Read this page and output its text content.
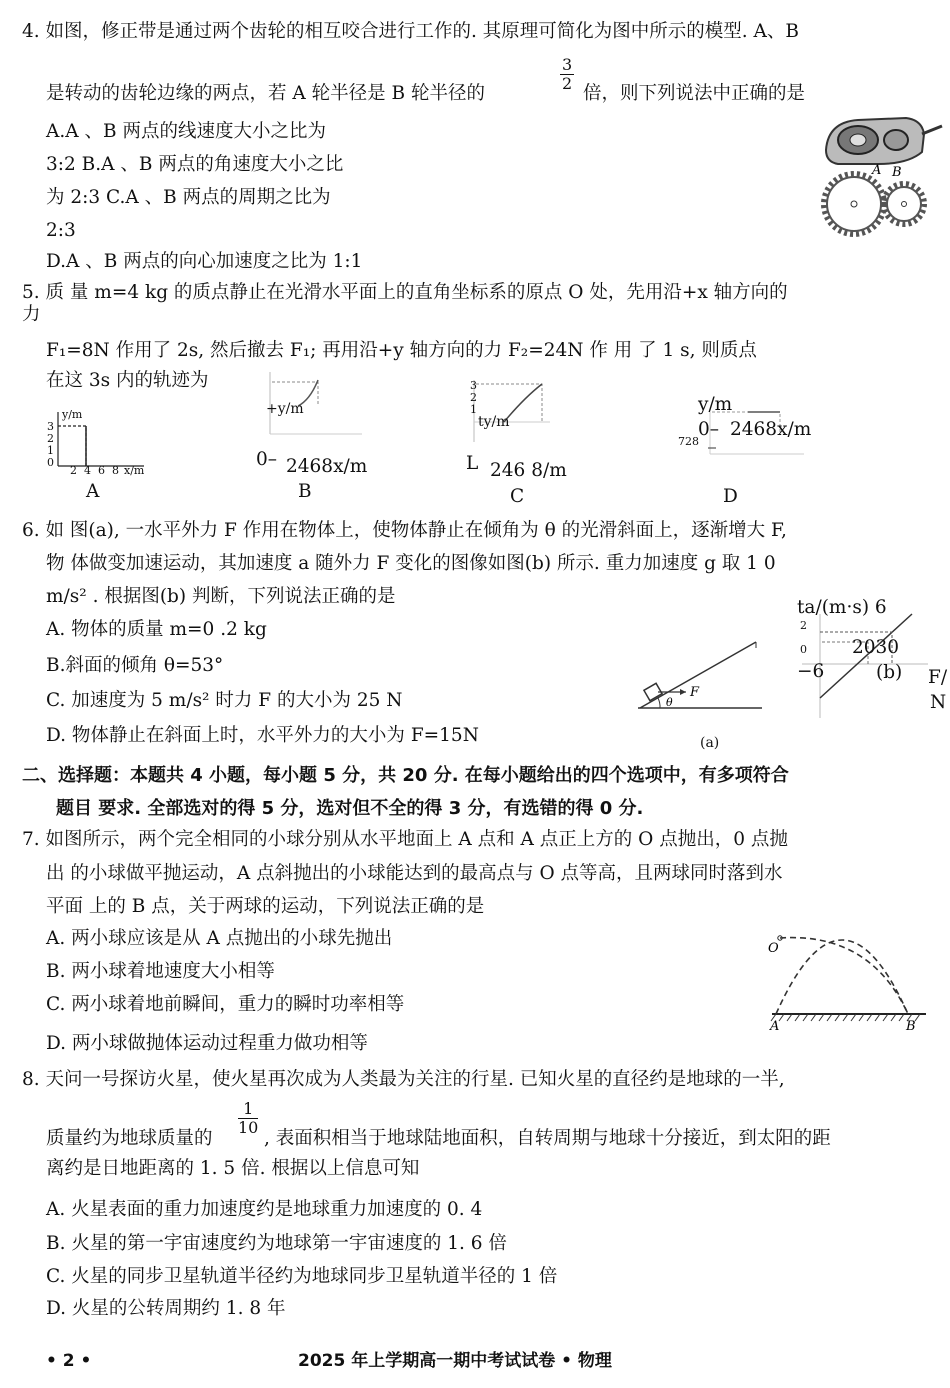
4. 如图，修正带是通过两个齿轮的相互咬合进行工作的. 其原理可简化为图中所示的模型. A、B
是转动的齿轮边缘的两点，若 A 轮半径是 B 轮半径的
$\frac{3}{2}$
倍，则下列说法中正确的是
A.A 、B 两点的线速度大小之比为
3:2 B.A 、B 两点的角速度大小之比
为 2:3 C.A 、B 两点的周期之比为
2:3
D.A 、B 两点的向心加速度之比为 1:1
A B
5. 质 量 m=4 kg 的质点静止在光滑水平面上的直角坐标系的原点 O 处，先用沿+x 轴方向的
力
F₁=8N 作用了 2s, 然后撤去 F₁; 再用沿+y 轴方向的力 F₂=24N 作 用 了 1 s, 则质点
在这 3s 内的轨迹为
y/m
3
2
1
0
2 4 6 8 x/m
A
+y/m
0– 2468x/m
B
3
2
1
ty/m
L 246 8/m
C
y/m
0– 2468x/m
728
D
6. 如 图(a), 一水平外力 F 作用在物体上，使物体静止在倾角为 θ 的光滑斜面上，逐渐增大 F,
物 体做变加速运动，其加速度 a 随外力 F 变化的图像如图(b) 所示. 重力加速度 g 取 1 0
m/s² . 根据图(b) 判断，下列说法正确的是
A. 物体的质量 m=0 .2 kg
B.斜面的倾角 θ=53°
C. 加速度为 5 m/s² 时力 F 的大小为 25 N
D. 物体静止在斜面上时，水平外力的大小为 F=15N
F
θ
(a)
ta/(m·s) 6
2
0
−6
2030
(b) F/
N
二、选择题：本题共 4 小题，每小题 5 分，共 20 分. 在每小题给出的四个选项中，有多项符合
题目 要求. 全部选对的得 5 分，选对但不全的得 3 分，有选错的得 0 分.
7. 如图所示，两个完全相同的小球分别从水平地面上 A 点和 A 点正上方的 O 点抛出，0 点抛
出 的小球做平抛运动，A 点斜抛出的小球能达到的最高点与 O 点等高，且两球同时落到水
平面 上的 B 点，关于两球的运动，下列说法正确的是
A. 两小球应该是从 A 点抛出的小球先抛出
B. 两小球着地速度大小相等
C. 两小球着地前瞬间，重力的瞬时功率相等
D. 两小球做抛体运动过程重力做功相等
O
A	B
8. 天问一号探访火星，使火星再次成为人类最为关注的行星. 已知火星的直径约是地球的一半,
质量约为地球质量的
$\frac{1}{10}$
, 表面积相当于地球陆地面积，自转周期与地球十分接近，到太阳的距
离约是日地距离的 1. 5 倍. 根据以上信息可知
A. 火星表面的重力加速度约是地球重力加速度的 0. 4
B. 火星的第一宇宙速度约为地球第一宇宙速度的 1. 6 倍
C. 火星的同步卫星轨道半径约为地球同步卫星轨道半径的 1 倍
D. 火星的公转周期约 1. 8 年
• 2 •	2025 年上学期高一期中考试试卷 • 物理
